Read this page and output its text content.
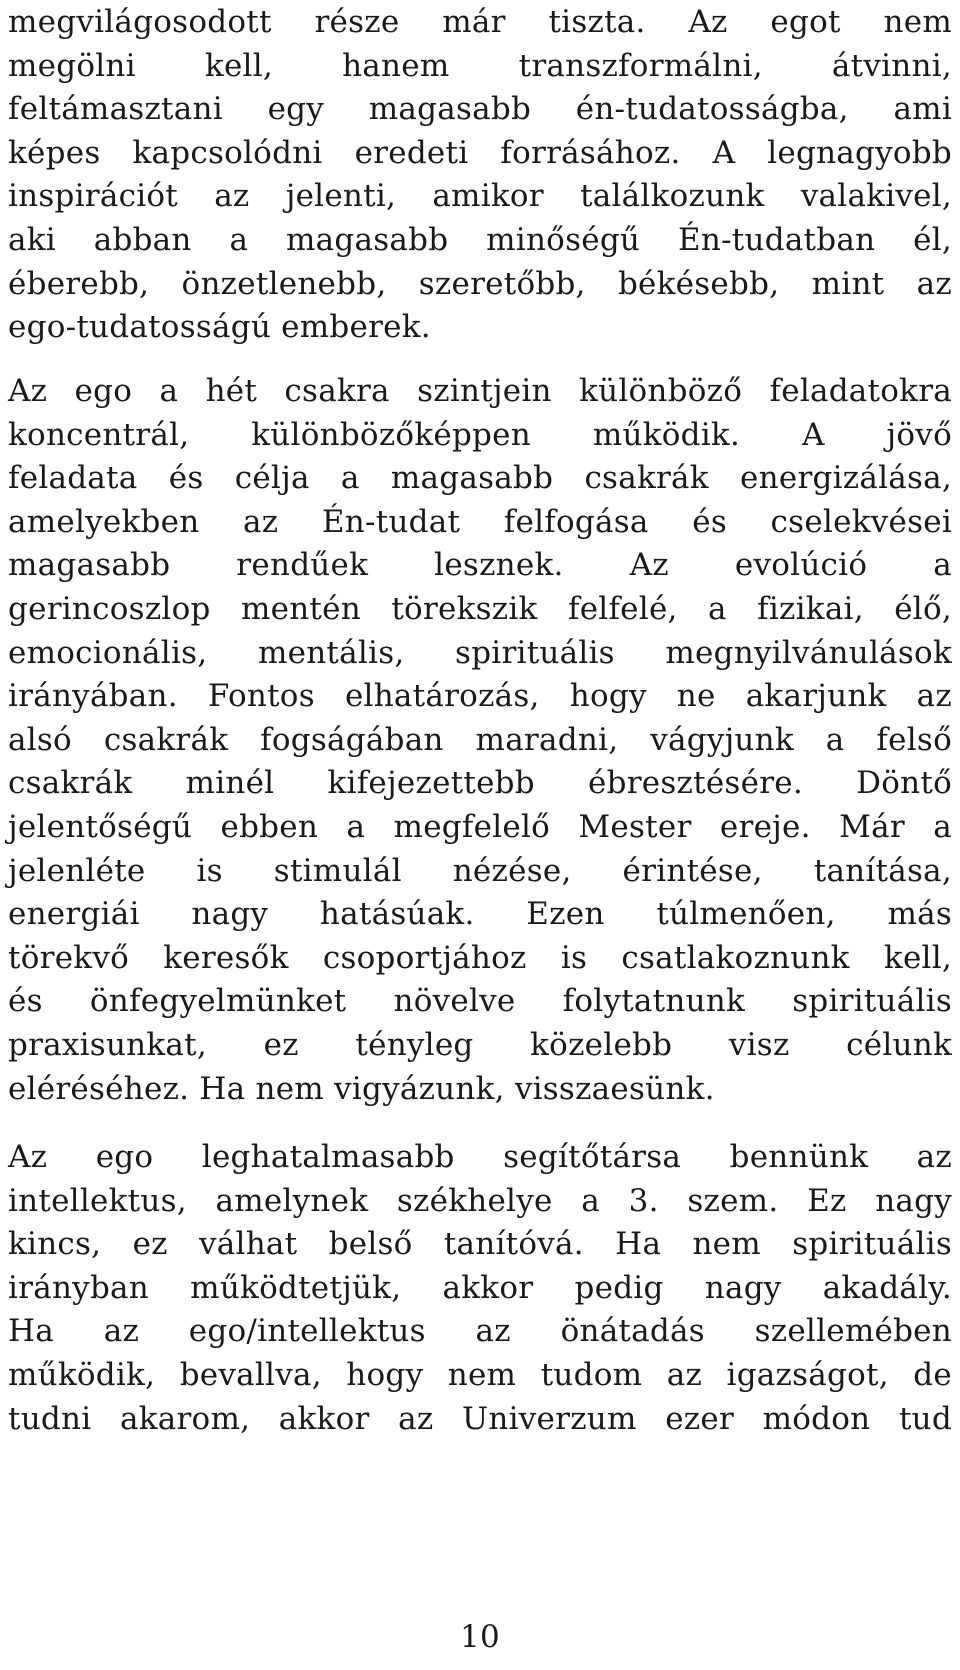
megvilágosodott része már tiszta. Az egot nem
megölni kell, hanem transzformálni, átvinni,
feltámasztani egy magasabb én-tudatosságba, ami
képes kapcsolódni eredeti forrásához. A legnagyobb
inspirációt az jelenti, amikor találkozunk valakivel,
aki abban a magasabb minőségű Én-tudatban él,
éberebb, önzetlenebb, szeretőbb, békésebb, mint az
ego-tudatosságú emberek.
Az ego a hét csakra szintjein különböző feladatokra
koncentrál, különbözőképpen működik. A jövő
feladata és célja a magasabb csakrák energizálása,
amelyekben az Én-tudat felfogása és cselekvései
magasabb rendűek lesznek. Az evolúció a
gerincoszlop mentén törekszik felfelé, a fizikai, élő,
emocionális, mentális, spirituális megnyilvánulások
irányában. Fontos elhatározás, hogy ne akarjunk az
alsó csakrák fogságában maradni, vágyjunk a felső
csakrák minél kifejezettebb ébresztésére. Döntő
jelentőségű ebben a megfelelő Mester ereje. Már a
jelenléte is stimulál nézése, érintése, tanítása,
energiái nagy hatásúak. Ezen túlmenően, más
törekvő keresők csoportjához is csatlakoznunk kell,
és önfegyelmünket növelve folytatnunk spirituális
praxisunkat, ez tényleg közelebb visz célunk
eléréséhez. Ha nem vigyázunk, visszaesünk.
Az ego leghatalmasabb segítőtársa bennünk az
intellektus, amelynek székhelye a 3. szem. Ez nagy
kincs, ez válhat belső tanítóvá. Ha nem spirituális
irányban működtetjük, akkor pedig nagy akadály.
Ha az ego/intellektus az önátadás szellemében
működik, bevallva, hogy nem tudom az igazságot, de
tudni akarom, akkor az Univerzum ezer módon tud
10
